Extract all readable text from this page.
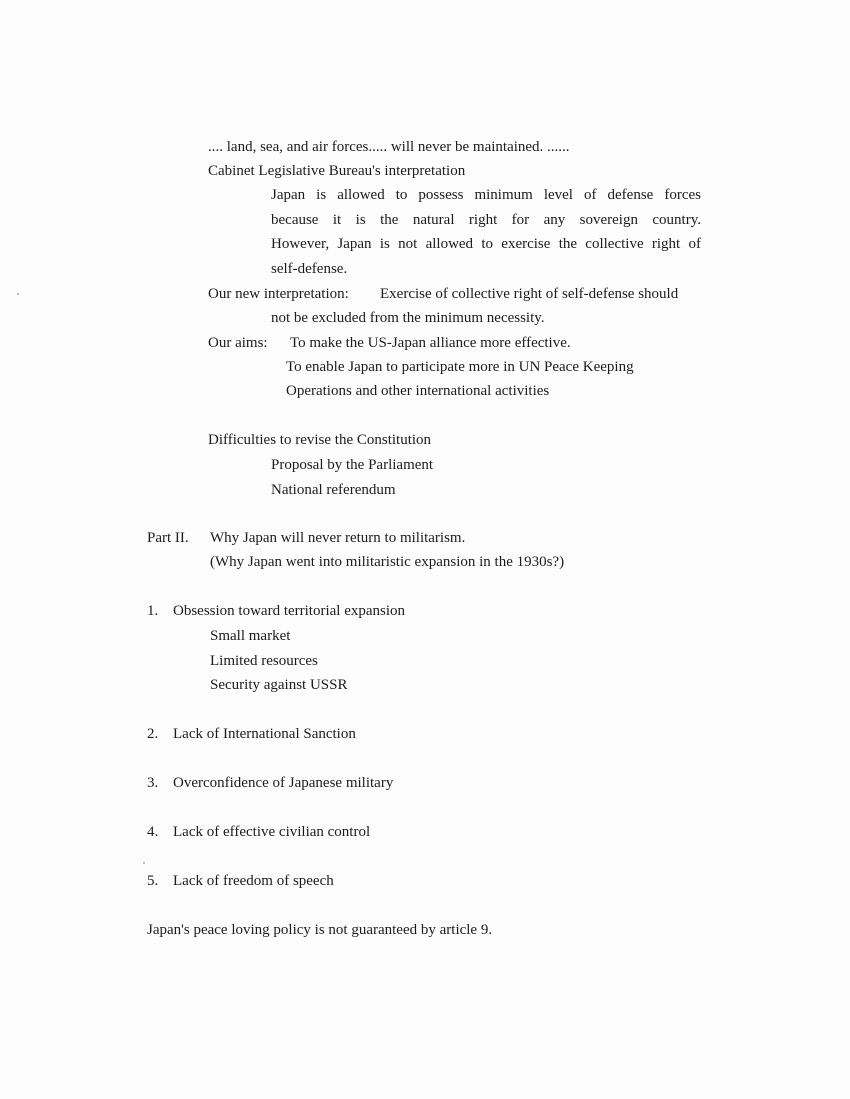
.... land, sea, and air forces..... will never be maintained. ......
Cabinet Legislative Bureau's interpretation
Japan is allowed to possess minimum level of defense forces
because it is the natural right for any sovereign country.
However, Japan is not allowed to exercise the collective right of
self-defense.
Our new interpretation: Exercise of collective right of self-defense should
not be excluded from the minimum necessity.
Our aims: To make the US-Japan alliance more effective.
To enable Japan to participate more in UN Peace Keeping
Operations and other international activities
Difficulties to revise the Constitution
Proposal by the Parliament
National referendum
Part II. Why Japan will never return to militarism.
(Why Japan went into militaristic expansion in the 1930s?)
1. Obsession toward territorial expansion
Small market
Limited resources
Security against USSR
2. Lack of International Sanction
3. Overconfidence of Japanese military
4. Lack of effective civilian control
5. Lack of freedom of speech
Japan's peace loving policy is not guaranteed by article 9.
